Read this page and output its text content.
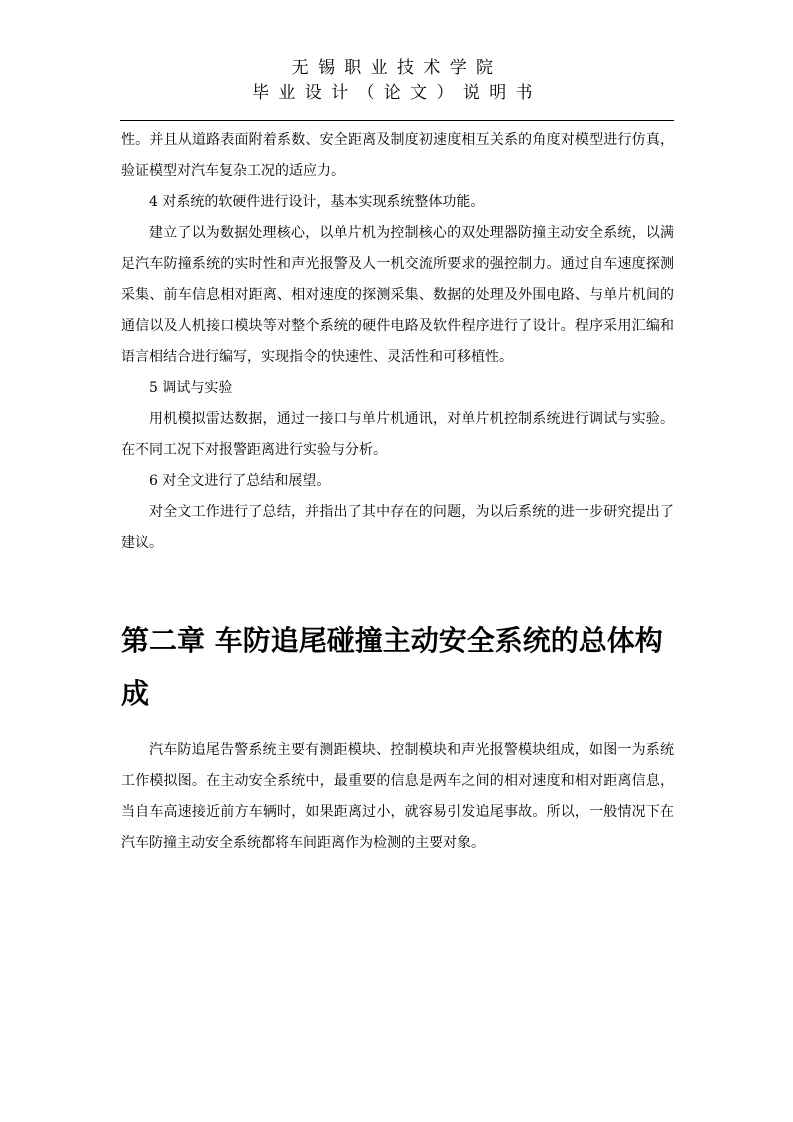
无锡职业技术学院
毕业设计（论文）说明书

性。并且从道路表面附着系数、安全距离及制度初速度相互关系的角度对模型进行仿真，验证模型对汽车复杂工况的适应力。

4 对系统的软硬件进行设计，基本实现系统整体功能。

建立了以为数据处理核心，以单片机为控制核心的双处理器防撞主动安全系统，以满足汽车防撞系统的实时性和声光报警及人一机交流所要求的强控制力。通过自车速度探测采集、前车信息相对距离、相对速度的探测采集、数据的处理及外围电路、与单片机间的通信以及人机接口模块等对整个系统的硬件电路及软件程序进行了设计。程序采用汇编和语言相结合进行编写，实现指令的快速性、灵活性和可移植性。

5 调试与实验

用机模拟雷达数据，通过一接口与单片机通讯，对单片机控制系统进行调试与实验。在不同工况下对报警距离进行实验与分析。

6 对全文进行了总结和展望。

对全文工作进行了总结，并指出了其中存在的问题，为以后系统的进一步研究提出了建议。

第二章 车防追尾碰撞主动安全系统的总体构成

汽车防追尾告警系统主要有测距模块、控制模块和声光报警模块组成，如图一为系统工作模拟图。在主动安全系统中，最重要的信息是两车之间的相对速度和相对距离信息，当自车高速接近前方车辆时，如果距离过小，就容易引发追尾事故。所以，一般情况下在汽车防撞主动安全系统都将车间距离作为检测的主要对象。
